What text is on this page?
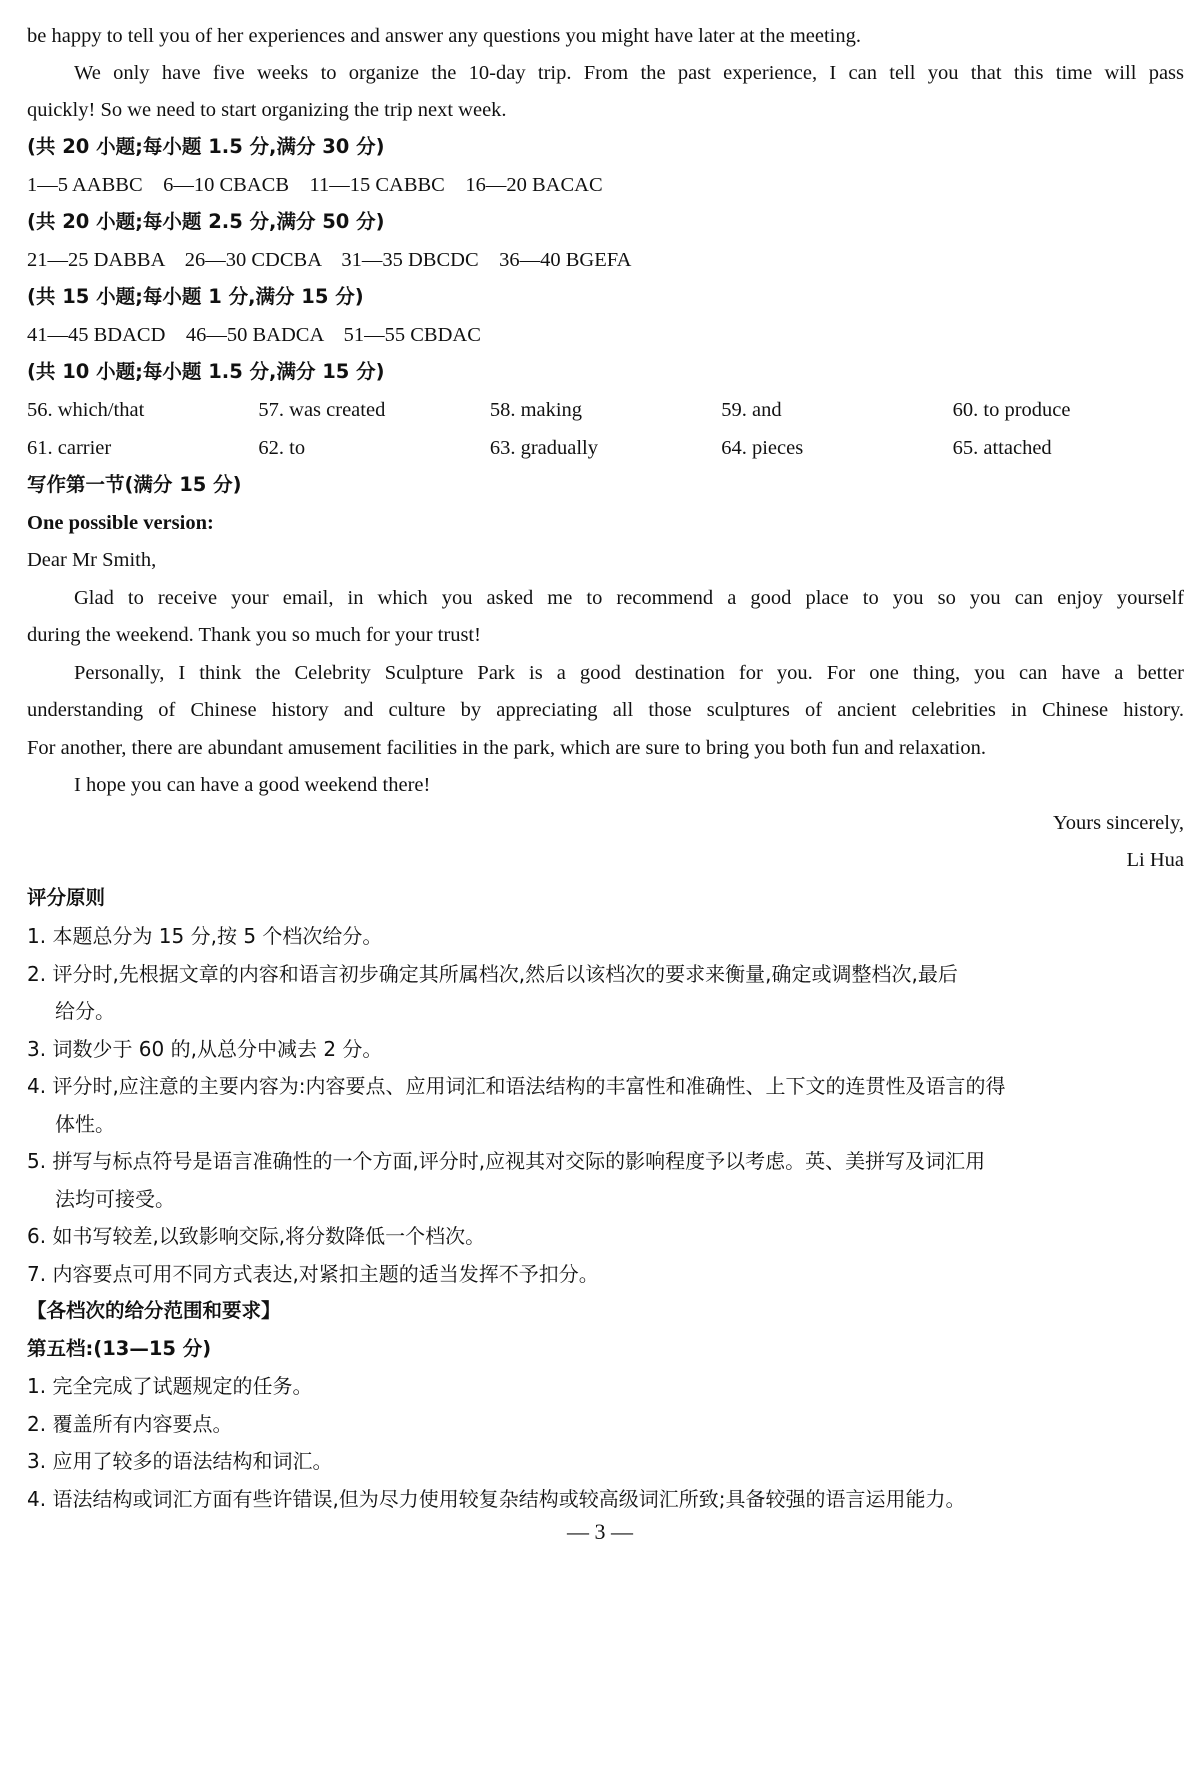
be happy to tell you of her experiences and answer any questions you might have later at the meeting.
We only have five weeks to organize the 10-day trip. From the past experience, I can tell you that this time will pass
quickly! So we need to start organizing the trip next week.
(共 20 小题;每小题 1.5 分,满分 30 分)
1—5 AABBC    6—10 CBACB    11—15 CABBC    16—20 BACAC
(共 20 小题;每小题 2.5 分,满分 50 分)
21—25 DABBA    26—30 CDCBA    31—35 DBCDC    36—40 BGEFA
(共 15 小题;每小题 1 分,满分 15 分)
41—45 BDACD    46—50 BADCA    51—55 CBDAC
(共 10 小题;每小题 1.5 分,满分 15 分)
56. which/that	57. was created	58. making	59. and	60. to produce
61. carrier	62. to	63. gradually	64. pieces	65. attached
写作第一节(满分 15 分)
One possible version:
Dear Mr Smith,
Glad to receive your email, in which you asked me to recommend a good place to you so you can enjoy yourself
during the weekend. Thank you so much for your trust!
Personally, I think the Celebrity Sculpture Park is a good destination for you. For one thing, you can have a better
understanding of Chinese history and culture by appreciating all those sculptures of ancient celebrities in Chinese history.
For another, there are abundant amusement facilities in the park, which are sure to bring you both fun and relaxation.
I hope you can have a good weekend there!
Yours sincerely,
Li Hua
评分原则
1. 本题总分为 15 分,按 5 个档次给分。
2. 评分时,先根据文章的内容和语言初步确定其所属档次,然后以该档次的要求来衡量,确定或调整档次,最后
给分。
3. 词数少于 60 的,从总分中减去 2 分。
4. 评分时,应注意的主要内容为:内容要点、应用词汇和语法结构的丰富性和准确性、上下文的连贯性及语言的得
体性。
5. 拼写与标点符号是语言准确性的一个方面,评分时,应视其对交际的影响程度予以考虑。英、美拼写及词汇用
法均可接受。
6. 如书写较差,以致影响交际,将分数降低一个档次。
7. 内容要点可用不同方式表达,对紧扣主题的适当发挥不予扣分。
【各档次的给分范围和要求】
第五档:(13—15 分)
1. 完全完成了试题规定的任务。
2. 覆盖所有内容要点。
3. 应用了较多的语法结构和词汇。
4. 语法结构或词汇方面有些许错误,但为尽力使用较复杂结构或较高级词汇所致;具备较强的语言运用能力。
— 3 —
